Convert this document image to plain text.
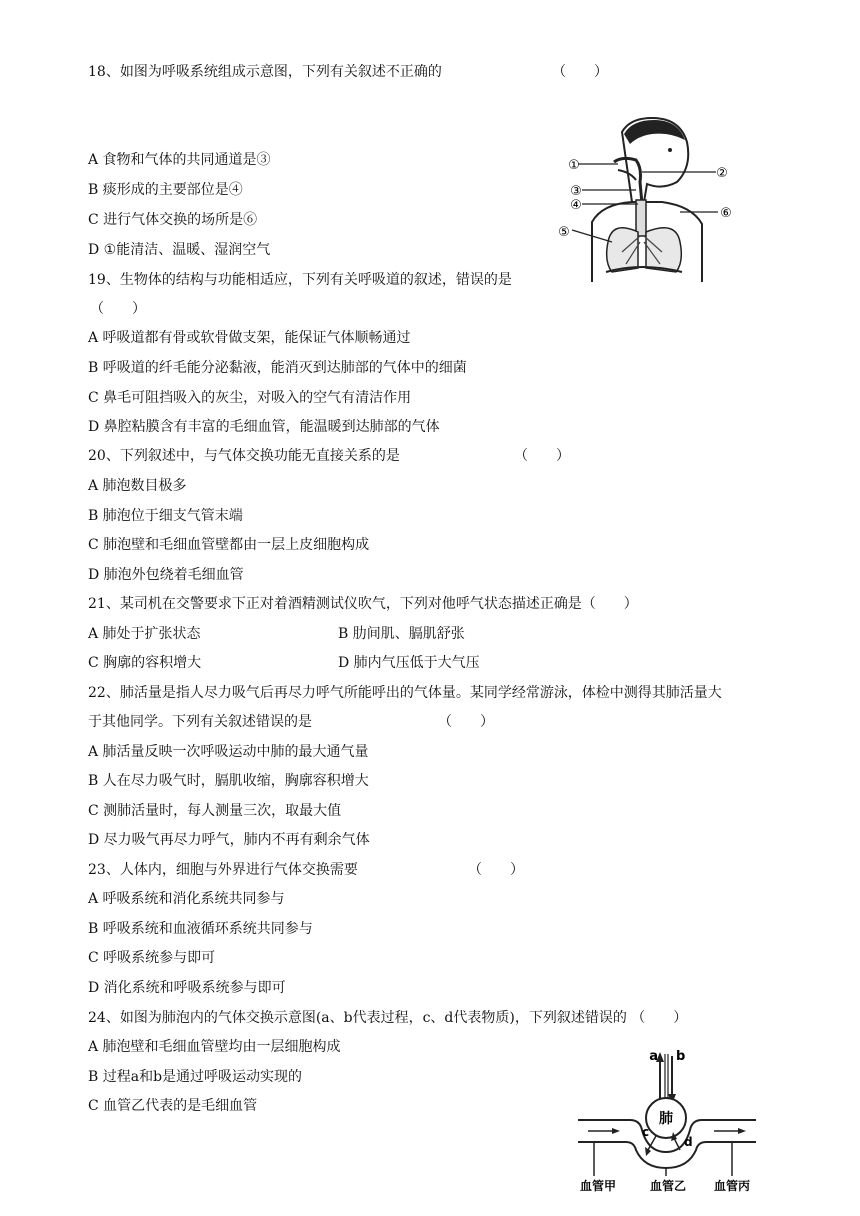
18、如图为呼吸系统组成示意图，下列有关叙述不正确的	（　　）
A 食物和气体的共同通道是③
B 痰形成的主要部位是④
C 进行气体交换的场所是⑥
D ①能清洁、温暖、湿润空气
①
②
③
④
⑤
⑥
19、生物体的结构与功能相适应，下列有关呼吸道的叙述，错误的是
（　　）
A 呼吸道都有骨或软骨做支架，能保证气体顺畅通过
B 呼吸道的纤毛能分泌黏液，能消灭到达肺部的气体中的细菌
C 鼻毛可阻挡吸入的灰尘，对吸入的空气有清洁作用
D 鼻腔粘膜含有丰富的毛细血管，能温暖到达肺部的气体
20、下列叙述中，与气体交换功能无直接关系的是	（　　）
A 肺泡数目极多
B 肺泡位于细支气管末端
C 肺泡壁和毛细血管壁都由一层上皮细胞构成
D 肺泡外包绕着毛细血管
21、某司机在交警要求下正对着酒精测试仪吹气，下列对他呼气状态描述正确是（　　）
A 肺处于扩张状态	B 肋间肌、膈肌舒张
C 胸廓的容积增大	D 肺内气压低于大气压
22、肺活量是指人尽力吸气后再尽力呼气所能呼出的气体量。某同学经常游泳，体检中测得其肺活量大
于其他同学。下列有关叙述错误的是	（　　）
A 肺活量反映一次呼吸运动中肺的最大通气量
B 人在尽力吸气时，膈肌收缩，胸廓容积增大
C 测肺活量时，每人测量三次，取最大值
D 尽力吸气再尽力呼气，肺内不再有剩余气体
23、人体内，细胞与外界进行气体交换需要	（　　）
A 呼吸系统和消化系统共同参与
B 呼吸系统和血液循环系统共同参与
C 呼吸系统参与即可
D 消化系统和呼吸系统参与即可
24、如图为肺泡内的气体交换示意图(a、b代表过程，c、d代表物质)，下列叙述错误的 （　　）
A 肺泡壁和毛细血管壁均由一层细胞构成
B 过程a和b是通过呼吸运动实现的
C 血管乙代表的是毛细血管
a b
肺
c
d
血管甲	血管乙 血管丙
